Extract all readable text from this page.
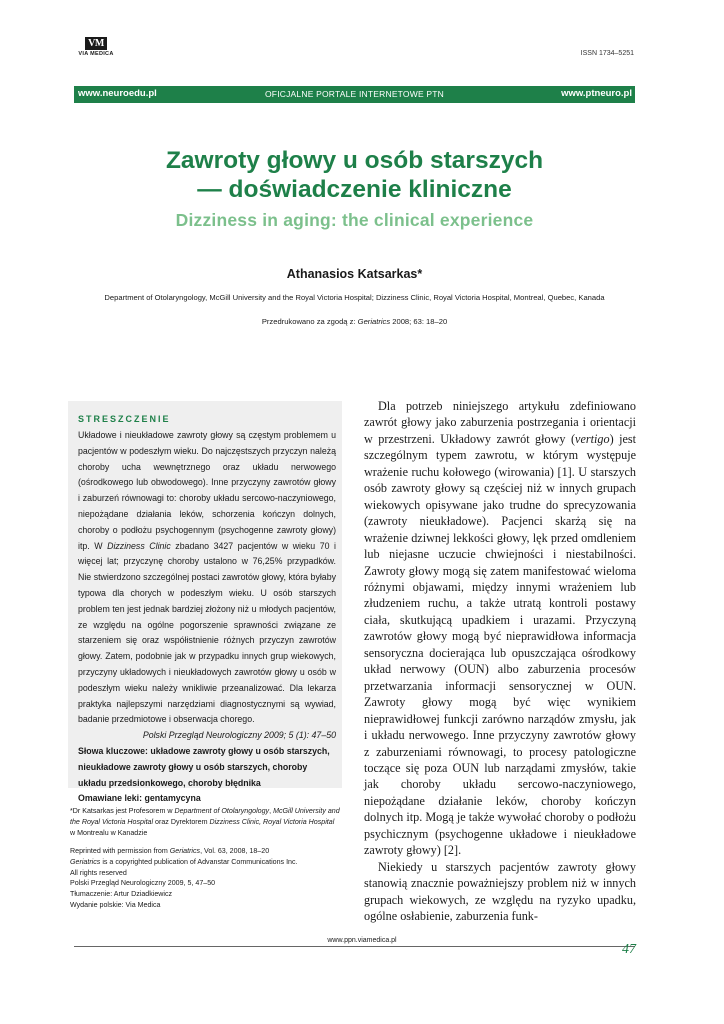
VM
VIA MEDICA	ISSN 1734–5251
OFICJALNE PORTALE INTERNETOWE PTN
www.neuroedu.pl	www.ptneuro.pl
Zawroty głowy u osób starszych
— doświadczenie kliniczne
Dizziness in aging: the clinical experience
Athanasios Katsarkas*
Department of Otolaryngology, McGill University and the Royal Victoria Hospital; Dizziness Clinic, Royal Victoria Hospital, Montreal, Quebec, Kanada
Przedrukowano za zgodą z: Geriatrics 2008; 63: 18–20
STRESZCZENIE
Układowe i nieukładowe zawroty głowy są częstym problemem u pacjentów w podeszłym wieku. Do najczęstszych przyczyn należą choroby ucha wewnętrznego oraz układu nerwowego (ośrodkowego lub obwodowego). Inne przyczyny zawrotów głowy i zaburzeń równowagi to: choroby układu sercowo-naczyniowego, niepożądane działania leków, schorzenia kończyn dolnych, choroby o podłożu psychogennym (psychogenne zawroty głowy) itp. W Dizziness Clinic zbadano 3427 pacjentów w wieku 70 i więcej lat; przyczynę choroby ustalono w 76,25% przypadków. Nie stwierdzono szczególnej postaci zawrotów głowy, która byłaby typowa dla chorych w podeszłym wieku. U osób starszych problem ten jest jednak bardziej złożony niż u młodych pacjentów, ze względu na ogólne pogorszenie sprawności związane ze starzeniem się oraz współistnienie różnych przyczyn zawrotów głowy. Zatem, podobnie jak w przypadku innych grup wiekowych, przyczyny układowych i nieukładowych zawrotów głowy u osób w podeszłym wieku należy wnikliwie przeanalizować. Dla lekarza praktyka najlepszymi narzędziami diagnostycznymi są wywiad, badanie przedmiotowe i obserwacja chorego.
Polski Przegląd Neurologiczny 2009; 5 (1): 47–50
Słowa kluczowe: układowe zawroty głowy u osób starszych, nieukładowe zawroty głowy u osób starszych, choroby układu przedsionkowego, choroby błędnika
Omawiane leki: gentamycyna
*Dr Katsarkas jest Profesorem w Department of Otolaryngology, McGill University and the Royal Victoria Hospital oraz Dyrektorem Dizziness Clinic, Royal Victoria Hospital w Montrealu w Kanadzie
Reprinted with permission from Geriatrics, Vol. 63, 2008, 18–20
Geriatrics is a copyrighted publication of Advanstar Communications Inc.
All rights reserved
Polski Przegląd Neurologiczny 2009, 5, 47–50
Tłumaczenie: Artur Dziadkiewicz
Wydanie polskie: Via Medica

Dla potrzeb niniejszego artykułu zdefiniowano zawrót głowy jako zaburzenia postrzegania i orientacji w przestrzeni. Układowy zawrót głowy (vertigo) jest szczególnym typem zawrotu, w którym występuje wrażenie ruchu kołowego (wirowania) [1]. U starszych osób zawroty głowy są częściej niż w innych grupach wiekowych opisywane jako trudne do sprecyzowania (zawroty nieukładowe). Pacjenci skarżą się na wrażenie dziwnej lekkości głowy, lęk przed omdleniem lub niejasne uczucie chwiejności i niestabilności. Zawroty głowy mogą się zatem manifestować wieloma różnymi objawami, między innymi wrażeniem lub złudzeniem ruchu, a także utratą kontroli postawy ciała, skutkującą upadkiem i urazami. Przyczyną zawrotów głowy mogą być nieprawidłowa informacja sensoryczna docierająca lub opuszczająca ośrodkowy układ nerwowy (OUN) albo zaburzenia procesów przetwarzania informacji sensorycznej w OUN. Zawroty głowy mogą być więc wynikiem nieprawidłowej funkcji zarówno narządów zmysłu, jak i układu nerwowego. Inne przyczyny zawrotów głowy z zaburzeniami równowagi, to procesy patologiczne toczące się poza OUN lub narządami zmysłów, takie jak choroby układu sercowo-naczyniowego, niepożądane działanie leków, choroby kończyn dolnych itp. Mogą je także wywołać choroby o podłożu psychicznym (psychogenne układowe i nieukładowe zawroty głowy) [2].

Niekiedy u starszych pacjentów zawroty głowy stanowią znacznie poważniejszy problem niż w innych grupach wiekowych, ze względu na ryzyko upadku, ogólne osłabienie, zaburzenia funk-

www.ppn.viamedica.pl
47
